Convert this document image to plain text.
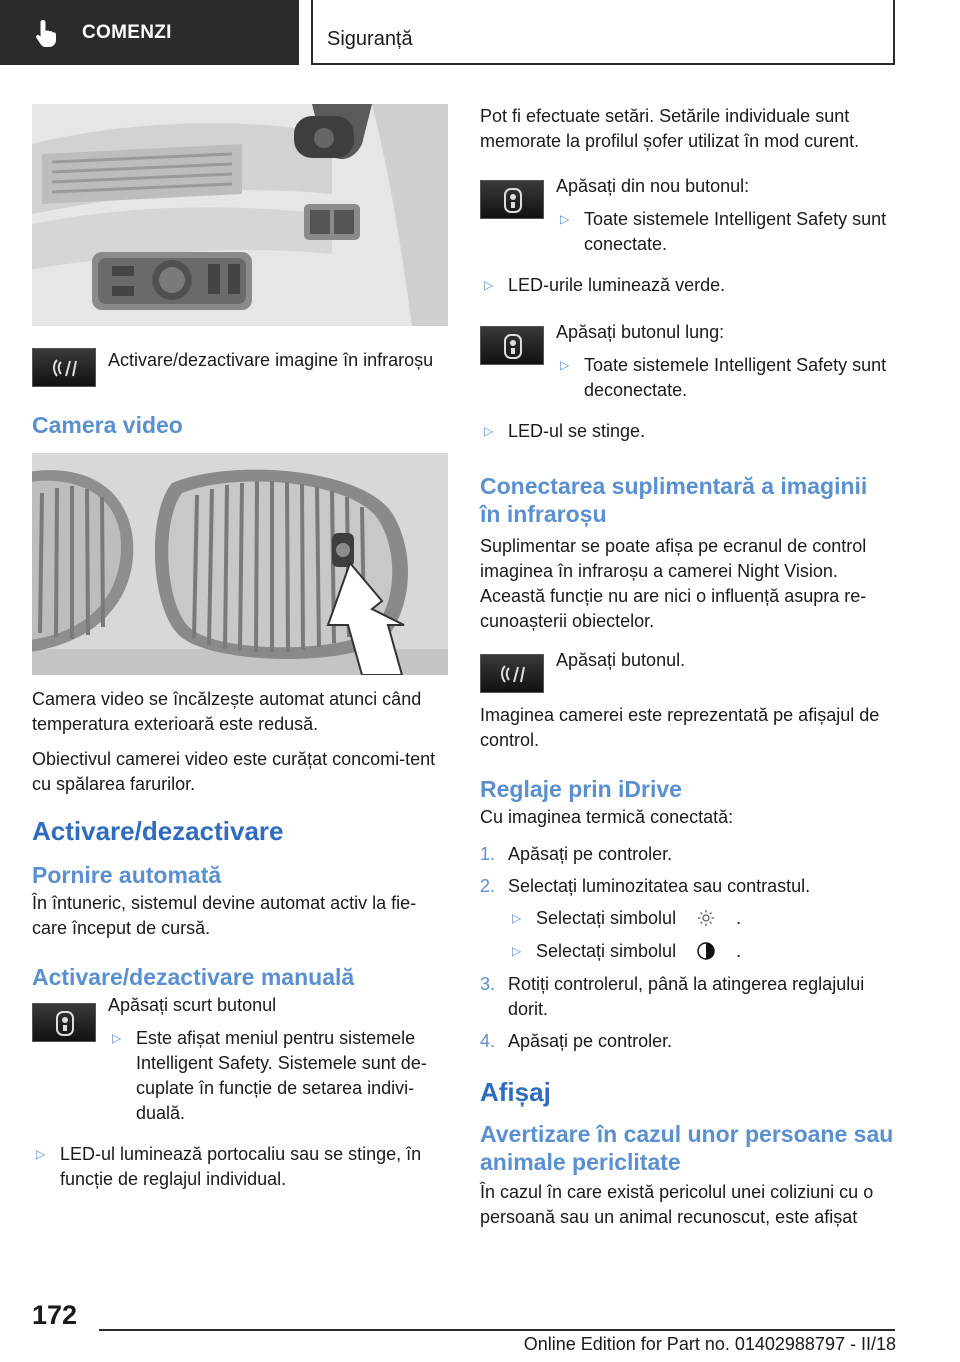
COMENZI	Siguranță
Activare/dezactivare imagine în infraroșu
Camera video

Camera video se încălzește automat atunci când temperatura exterioară este redusă.

Obiectivul camerei video este curățat concomi-tent cu spălarea farurilor.

Activare/dezactivare
Pornire automată

În întuneric, sistemul devine automat activ la fie-care început de cursă.

Activare/dezactivare manuală
Apăsați scurt butonul
▷ Este afișat meniul pentru sistemele Intelligent Safety. Sistemele sunt de-cuplate în funcție de setarea indivi-duală.
▷ LED-ul luminează portocaliu sau se stinge, în funcție de reglajul individual.

Pot fi efectuate setări. Setările individuale sunt memorate la profilul șofer utilizat în mod curent.

Apăsați din nou butonul:
▷ Toate sistemele Intelligent Safety sunt conectate.
▷ LED-urile luminează verde.
Apăsați butonul lung:
▷ Toate sistemele Intelligent Safety sunt deconectate.
▷ LED-ul se stinge.
Conectarea suplimentară a imaginii în infraroșu

Suplimentar se poate afișa pe ecranul de control imaginea în infraroșu a camerei Night Vision. Această funcție nu are nici o influență asupra re-cunoașterii obiectelor.

Apăsați butonul.

Imaginea camerei este reprezentată pe afișajul de control.

Reglaje prin iDrive

Cu imaginea termică conectată:

1. Apăsați pe controler.
2. Selectați luminozitatea sau contrastul.
▷ Selectați simbolul	.
▷ Selectați simbolul	.
3. Rotiți controlerul, până la atingerea reglajului dorit.
4. Apăsați pe controler.
Afișaj
Avertizare în cazul unor persoane sau animale periclitate

În cazul în care există pericolul unei coliziuni cu o persoană sau un animal recunoscut, este afișat

172
Online Edition for Part no. 01402988797 - II/18
